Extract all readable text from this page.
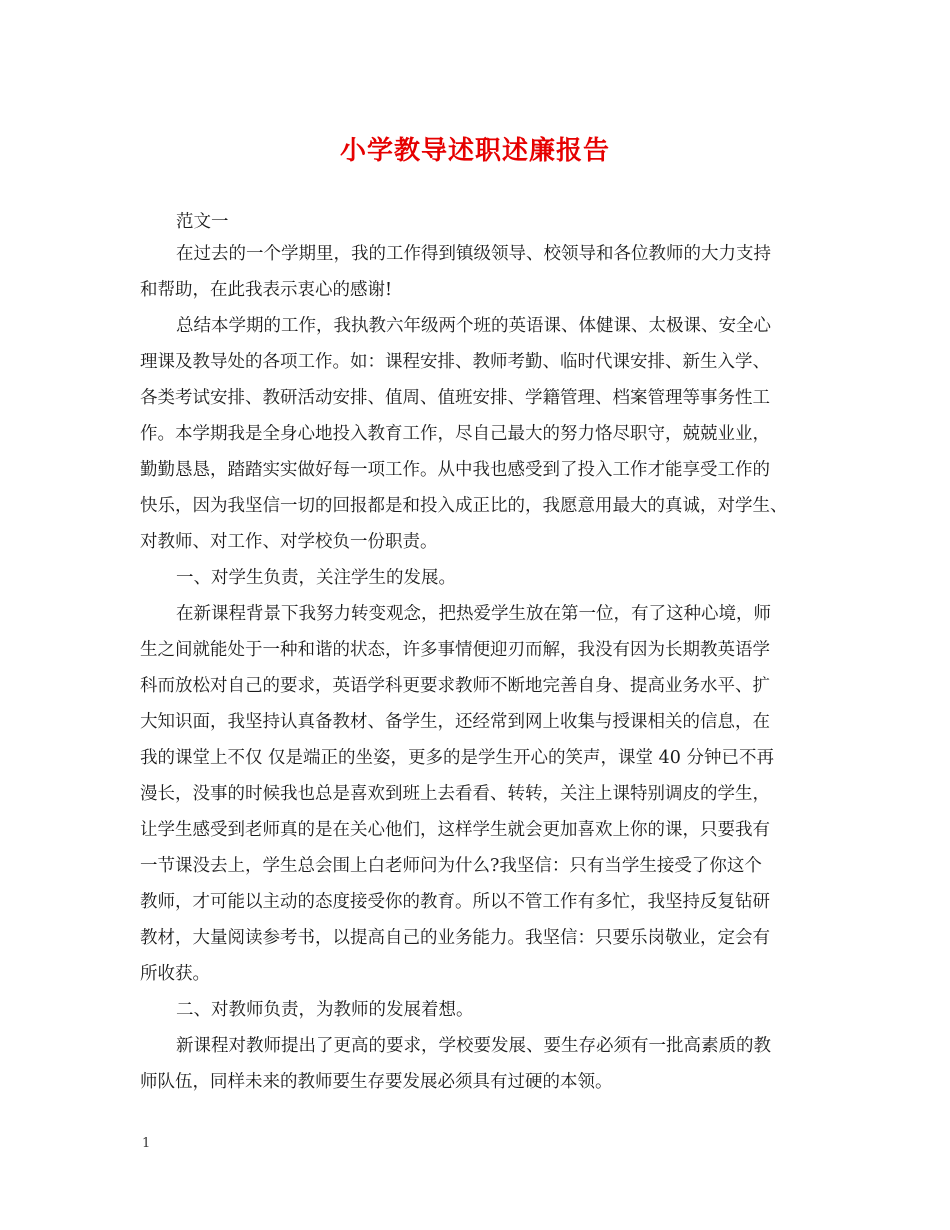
小学教导述职述廉报告
范文一
在过去的一个学期里，我的工作得到镇级领导、校领导和各位教师的大力支持
和帮助，在此我表示衷心的感谢!
总结本学期的工作，我执教六年级两个班的英语课、体健课、太极课、安全心
理课及教导处的各项工作。如：课程安排、教师考勤、临时代课安排、新生入学、
各类考试安排、教研活动安排、值周、值班安排、学籍管理、档案管理等事务性工
作。本学期我是全身心地投入教育工作，尽自己最大的努力恪尽职守，兢兢业业，
勤勤恳恳，踏踏实实做好每一项工作。从中我也感受到了投入工作才能享受工作的
快乐，因为我坚信一切的回报都是和投入成正比的，我愿意用最大的真诚，对学生、
对教师、对工作、对学校负一份职责。
一、对学生负责，关注学生的发展。
在新课程背景下我努力转变观念，把热爱学生放在第一位，有了这种心境，师
生之间就能处于一种和谐的状态，许多事情便迎刃而解，我没有因为长期教英语学
科而放松对自己的要求，英语学科更要求教师不断地完善自身、提高业务水平、扩
大知识面，我坚持认真备教材、备学生，还经常到网上收集与授课相关的信息，在
我的课堂上不仅 仅是端正的坐姿，更多的是学生开心的笑声，课堂 40 分钟已不再
漫长，没事的时候我也总是喜欢到班上去看看、转转，关注上课特别调皮的学生，
让学生感受到老师真的是在关心他们，这样学生就会更加喜欢上你的课，只要我有
一节课没去上，学生总会围上白老师问为什么?我坚信：只有当学生接受了你这个
教师，才可能以主动的态度接受你的教育。所以不管工作有多忙，我坚持反复钻研
教材，大量阅读参考书，以提高自己的业务能力。我坚信：只要乐岗敬业，定会有
所收获。
二、对教师负责，为教师的发展着想。
新课程对教师提出了更高的要求，学校要发展、要生存必须有一批高素质的教
师队伍，同样未来的教师要生存要发展必须具有过硬的本领。
1
